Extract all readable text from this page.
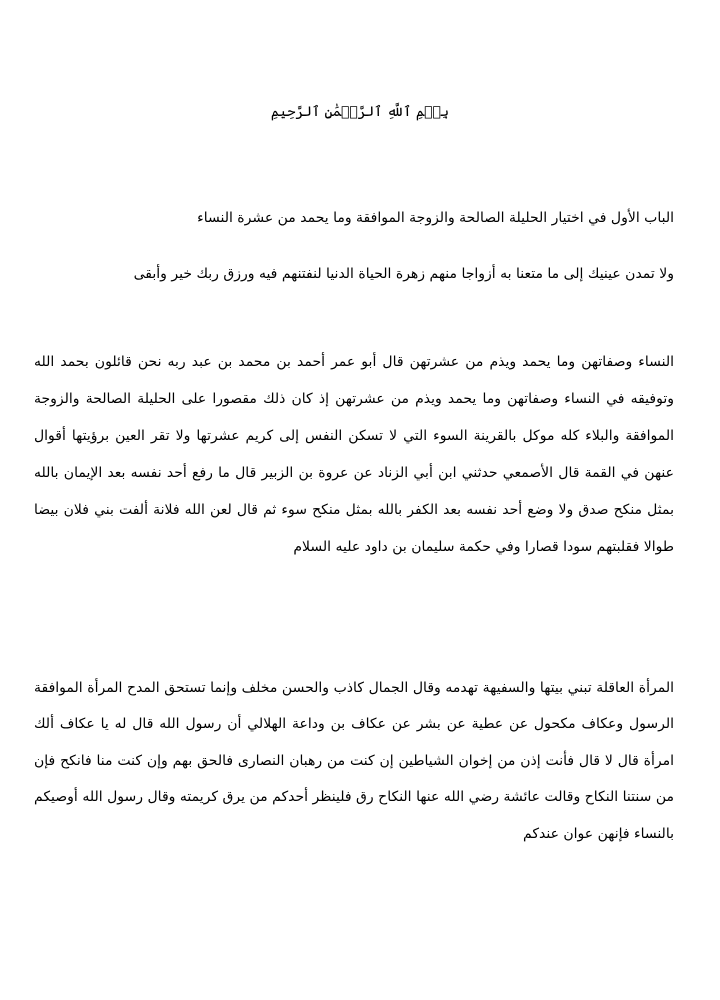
بِسۡمِ ٱللَّهِ ٱلرَّحۡمَٰنِ ٱلرَّحِيمِ

الباب الأول في اختيار الحليلة الصالحة والزوجة الموافقة وما يحمد من عشرة النساء

ولا تمدن عينيك إلى ما متعنا به أزواجا منهم زهرة الحياة الدنيا لنفتنهم فيه ورزق ربك خير وأبقى

النساء وصفاتهن وما يحمد ويذم من عشرتهن قال أبو عمر أحمد بن محمد بن عبد ربه نحن قائلون بحمد الله وتوفيقه في النساء وصفاتهن وما يحمد ويذم من عشرتهن إذ كان ذلك مقصورا على الحليلة الصالحة والزوجة الموافقة والبلاء كله موكل بالقرينة السوء التي لا تسكن النفس إلى كريم عشرتها ولا تقر العين برؤيتها أقوال عنهن في القمة قال الأصمعي حدثني ابن أبي الزناد عن عروة بن الزبير قال ما رفع أحد نفسه بعد الإيمان بالله بمثل منكح صدق ولا وضع أحد نفسه بعد الكفر بالله بمثل منكح سوء ثم قال لعن الله فلانة ألفت بني فلان بيضا طوالا فقلبتهم سودا قصارا وفي حكمة سليمان بن داود عليه السلام

المرأة العاقلة تبني بيتها والسفيهة تهدمه وقال الجمال كاذب والحسن مخلف وإنما تستحق المدح المرأة الموافقة الرسول وعكاف مكحول عن عطية عن بشر عن عكاف بن وداعة الهلالي أن رسول الله قال له يا عكاف ألك امرأة قال لا قال فأنت إذن من إخوان الشياطين إن كنت من رهبان النصارى فالحق بهم وإن كنت منا فانكح فإن من سنتنا النكاح وقالت عائشة رضي الله عنها النكاح رق فلينظر أحدكم من يرق كريمته وقال رسول الله أوصيكم بالنساء فإنهن عوان عندكم
